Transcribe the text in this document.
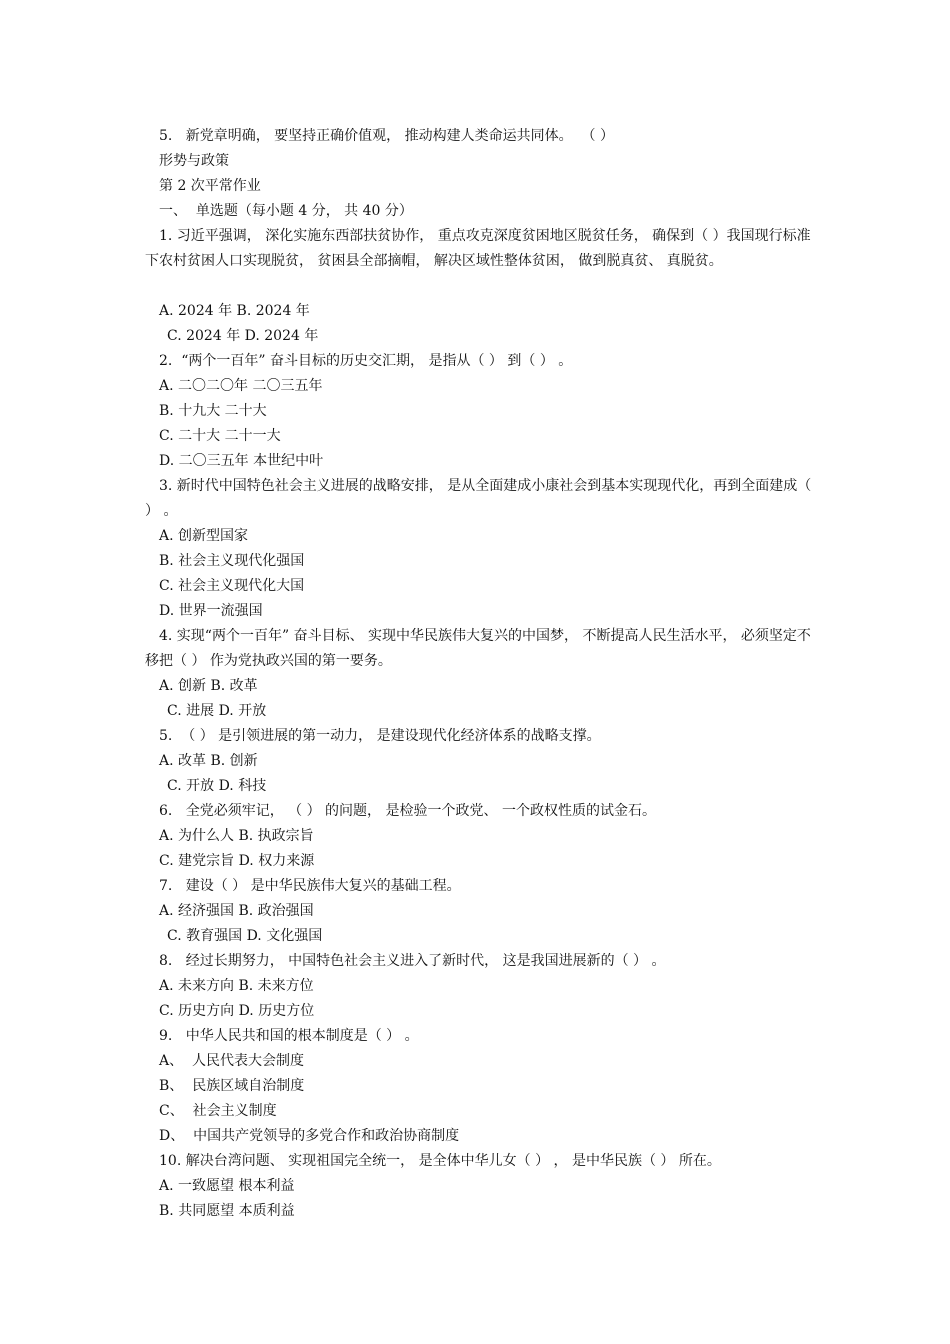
5.   新党章明确， 要坚持正确价值观， 推动构建人类命运共同体。  （ ）
形势与政策
第 2 次平常作业
一、  单选题（每小题 4 分， 共 40 分）
1. 习近平强调， 深化实施东西部扶贫协作， 重点攻克深度贫困地区脱贫任务， 确保到（ ）我国现行标准下农村贫困人口实现脱贫， 贫困县全部摘帽， 解决区域性整体贫困， 做到脱真贫、 真脱贫。
A. 2024 年 B. 2024 年
C. 2024 年 D. 2024 年
2.  “两个一百年” 奋斗目标的历史交汇期， 是指从（ ） 到（ ） 。
A. 二〇二〇年 二〇三五年
B. 十九大 二十大
C. 二十大 二十一大
D. 二〇三五年 本世纪中叶
3. 新时代中国特色社会主义进展的战略安排， 是从全面建成小康社会到基本实现现代化，再到全面建成（ ） 。
A. 创新型国家
B. 社会主义现代化强国
C. 社会主义现代化大国
D. 世界一流强国
4. 实现“两个一百年” 奋斗目标、 实现中华民族伟大复兴的中国梦， 不断提高人民生活水平， 必须坚定不移把（ ） 作为党执政兴国的第一要务。
A. 创新 B. 改革
C. 进展 D. 开放
5.  （ ） 是引领进展的第一动力， 是建设现代化经济体系的战略支撑。
A. 改革 B. 创新
C. 开放 D. 科技
6.   全党必须牢记， （ ） 的问题， 是检验一个政党、 一个政权性质的试金石。
A. 为什么人 B. 执政宗旨
C. 建党宗旨 D. 权力来源
7.   建设（ ） 是中华民族伟大复兴的基础工程。
A. 经济强国 B. 政治强国
C. 教育强国 D. 文化强国
8.   经过长期努力， 中国特色社会主义进入了新时代， 这是我国进展新的（ ） 。
A. 未来方向 B. 未来方位
C. 历史方向 D. 历史方位
9.   中华人民共和国的根本制度是（ ） 。
A、  人民代表大会制度
B、  民族区域自治制度
C、  社会主义制度
D、  中国共产党领导的多党合作和政治协商制度
10. 解决台湾问题、 实现祖国完全统一， 是全体中华儿女（ ） ， 是中华民族（ ） 所在。
A. 一致愿望 根本利益
B. 共同愿望 本质利益
